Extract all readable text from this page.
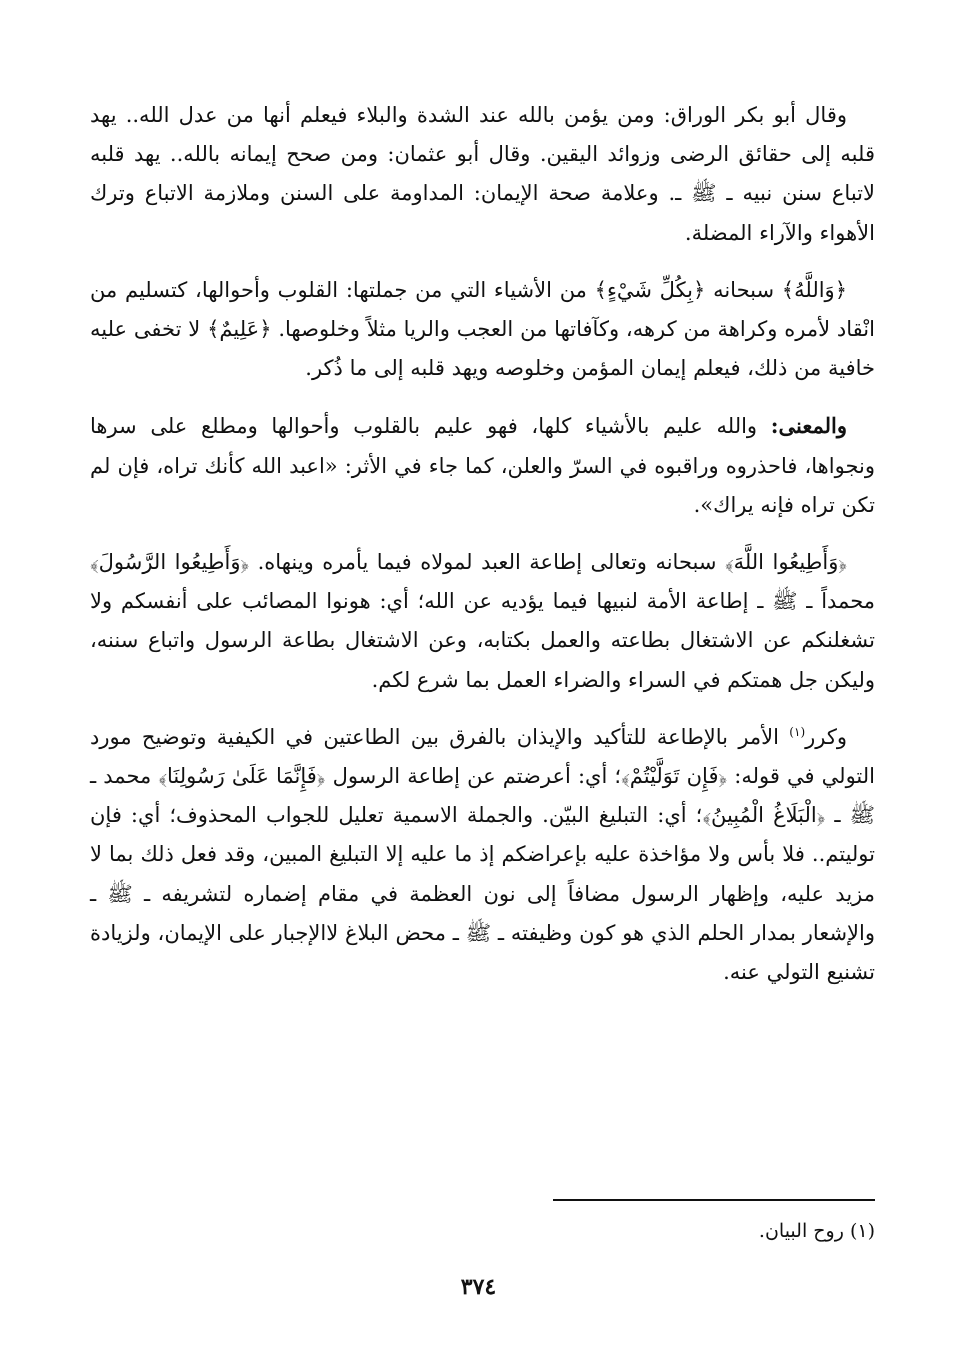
وقال أبو بكر الوراق: ومن يؤمن بالله عند الشدة والبلاء فيعلم أنها من عدل الله.. يهد قلبه إلى حقائق الرضى وزوائد اليقين. وقال أبو عثمان: ومن صحح إيمانه بالله.. يهد قلبه لاتباع سنن نبيه ـ ﷺ ـ. وعلامة صحة الإيمان: المداومة على السنن وملازمة الاتباع وترك الأهواء والآراء المضلة.

﴿وَاللَّهُ﴾ سبحانه ﴿بِكُلِّ شَيْءٍ﴾ من الأشياء التي من جملتها: القلوب وأحوالها، كتسليم من انْقاد لأمره وكراهة من كرهه، وكآفاتها من العجب والريا مثلاً وخلوصها. ﴿عَلِيمٌ﴾ لا تخفى عليه خافية من ذلك، فيعلم إيمان المؤمن وخلوصه ويهد قلبه إلى ما ذُكر.

والمعنى: والله عليم بالأشياء كلها، فهو عليم بالقلوب وأحوالها ومطلع على سرها ونجواها، فاحذروه وراقبوه في السرّ والعلن، كما جاء في الأثر: «اعبد الله كأنك تراه، فإن لم تكن تراه فإنه يراك».

﴿وَأَطِيعُوا اللَّهَ﴾ سبحانه وتعالى إطاعة العبد لمولاه فيما يأمره وينهاه. ﴿وَأَطِيعُوا الرَّسُولَ﴾ محمداً ـ ﷺ ـ إطاعة الأمة لنبيها فيما يؤديه عن الله؛ أي: هونوا المصائب على أنفسكم ولا تشغلنكم عن الاشتغال بطاعته والعمل بكتابه، وعن الاشتغال بطاعة الرسول واتباع سننه، وليكن جل همتكم في السراء والضراء العمل بما شرع لكم.

وكرر$^{(١)}$ الأمر بالإطاعة للتأكيد والإيذان بالفرق بين الطاعتين في الكيفية وتوضيح مورد التولي في قوله: ﴿فَإِن تَوَلَّيْتُمْ﴾؛ أي: أعرضتم عن إطاعة الرسول ﴿فَإِنَّمَا عَلَىٰ رَسُولِنَا﴾ محمد ـ ﷺ ـ ﴿الْبَلَاغُ الْمُبِينُ﴾؛ أي: التبليغ البيّن. والجملة الاسمية تعليل للجواب المحذوف؛ أي: فإن توليتم.. فلا بأس ولا مؤاخذة عليه بإعراضكم إذ ما عليه إلا التبليغ المبين، وقد فعل ذلك بما لا مزيد عليه، وإظهار الرسول مضافاً إلى نون العظمة في مقام إضماره لتشريفه ـ ﷺ ـ والإشعار بمدار الحلم الذي هو كون وظيفته ـ ﷺ ـ محض البلاغ لاالإجبار على الإيمان، ولزيادة تشنيع التولي عنه.

(١) روح البيان.
٣٧٤
